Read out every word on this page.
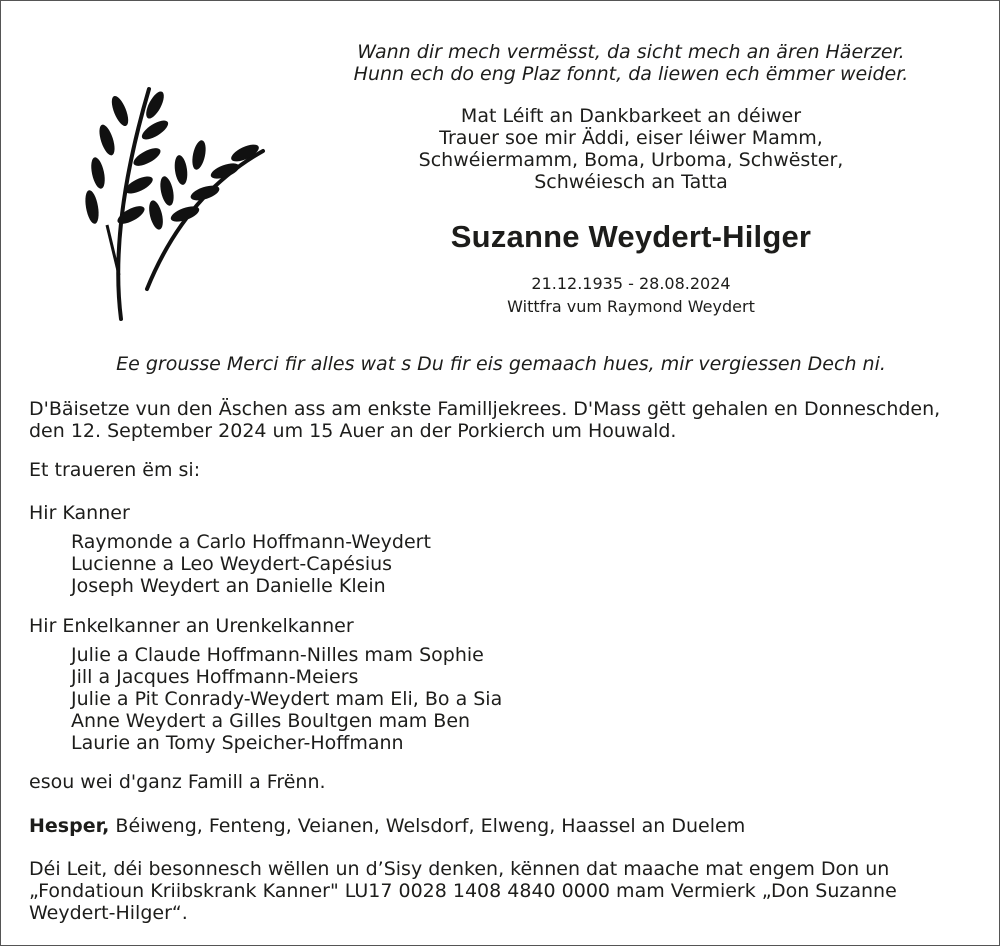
Wann dir mech vermësst, da sicht mech an ären Häerzer.
Hunn ech do eng Plaz fonnt, da liewen ech ëmmer weider.
Mat Léift an Dankbarkeet an déiwer
Trauer soe mir Äddi, eiser léiwer Mamm,
Schwéiermamm, Boma, Urboma, Schwëster,
Schwéiesch an Tatta
Suzanne Weydert-Hilger
21.12.1935 - 28.08.2024
Wittfra vum Raymond Weydert
Ee grousse Merci fir alles wat s Du fir eis gemaach hues, mir vergiessen Dech ni.
D'Bäisetze vun den Äschen ass am enkste Familljekrees. D'Mass gëtt gehalen en Donneschden,
den 12. September 2024 um 15 Auer an der Porkierch um Houwald.
Et traueren ëm si:
Hir Kanner
Raymonde a Carlo Hoffmann-Weydert
Lucienne a Leo Weydert-Capésius
Joseph Weydert an Danielle Klein
Hir Enkelkanner an Urenkelkanner
Julie a Claude Hoffmann-Nilles mam Sophie
Jill a Jacques Hoffmann-Meiers
Julie a Pit Conrady-Weydert mam Eli, Bo a Sia
Anne Weydert a Gilles Boultgen mam Ben
Laurie an Tomy Speicher-Hoffmann
esou wei d'ganz Famill a Frënn.
Hesper, Béiweng, Fenteng, Veianen, Welsdorf, Elweng, Haassel an Duelem
Déi Leit, déi besonnesch wëllen un d’Sisy denken, kënnen dat maache mat engem Don un
„Fondatioun Kriibskrank Kanner" LU17 0028 1408 4840 0000 mam Vermierk „Don Suzanne
Weydert-Hilger“.
